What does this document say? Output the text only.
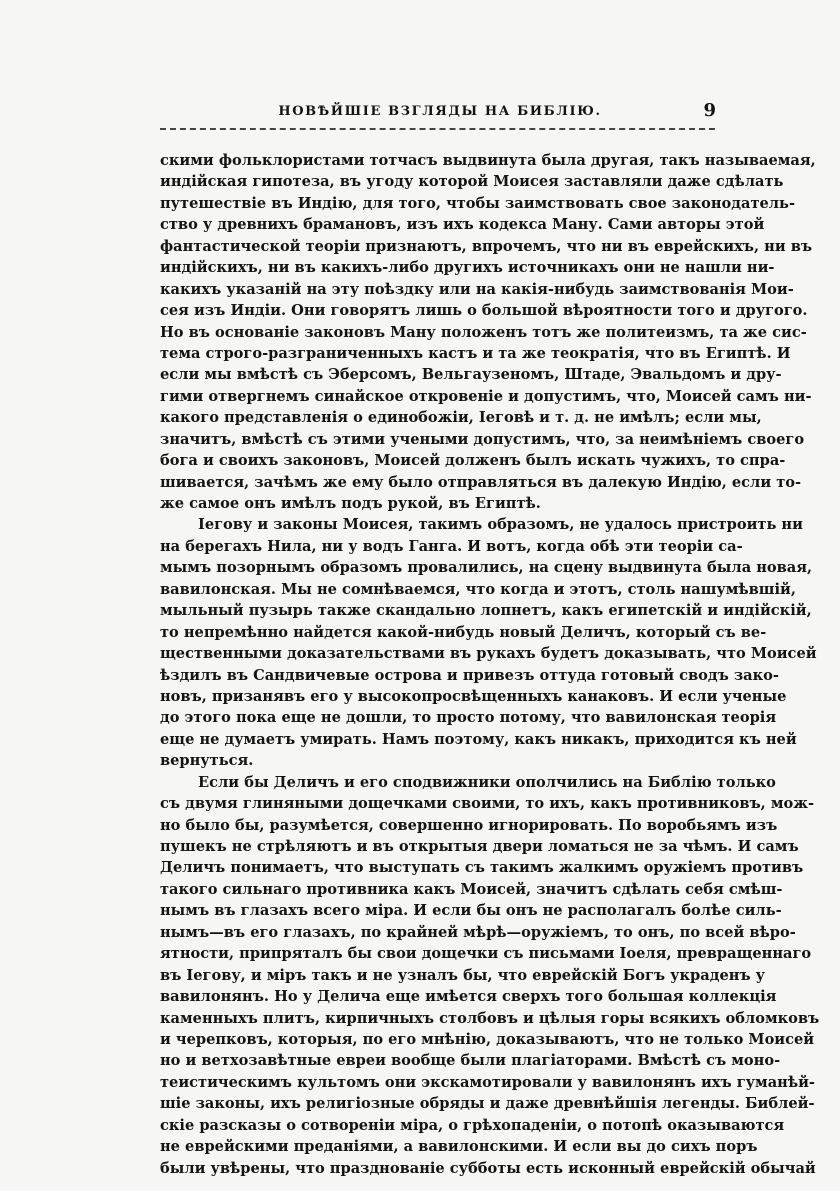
НОВѢЙШІЕ ВЗГЛЯДЫ НА БИБЛІЮ.	9
скими фольклористами тотчасъ выдвинута была другая, такъ называемая,
индійская гипотеза, въ угоду которой Моисея заставляли даже сдѣлать
путешествіе въ Индію, для того, чтобы заимствовать свое законодатель-
ство у древнихъ брамановъ, изъ ихъ кодекса Ману. Сами авторы этой
фантастической теоріи признаютъ, впрочемъ, что ни въ еврейскихъ, ни въ
индійскихъ, ни въ какихъ-либо другихъ источникахъ они не нашли ни-
какихъ указаній на эту поѣздку или на какія-нибудь заимствованія Мои-
сея изъ Индіи. Они говорятъ лишь о большой вѣроятности того и другого.
Но въ основаніе законовъ Ману положенъ тотъ же политеизмъ, та же сис-
тема строго-разграниченныхъ кастъ и та же теократія, что въ Египтѣ. И
если мы вмѣстѣ съ Эберсомъ, Вельгаузеномъ, Штаде, Эвальдомъ и дру-
гими отвергнемъ синайское откровеніе и допустимъ, что, Моисей самъ ни-
какого представленія о единобожіи, Іеговѣ и т. д. не имѣлъ; если мы,
значитъ, вмѣстѣ съ этими учеными допустимъ, что, за неимѣніемъ своего
бога и своихъ законовъ, Моисей долженъ былъ искать чужихъ, то спра-
шивается, зачѣмъ же ему было отправляться въ далекую Индію, если то-
же самое онъ имѣлъ подъ рукой, въ Египтѣ.
Іегову и законы Моисея, такимъ образомъ, не удалось пристроить ни
на берегахъ Нила, ни у водъ Ганга. И вотъ, когда обѣ эти теоріи са-
мымъ позорнымъ образомъ провалились, на сцену выдвинута была новая,
вавилонская. Мы не сомнѣваемся, что когда и этотъ, столь нашумѣвшій,
мыльный пузырь также скандально лопнетъ, какъ египетскій и индійскій,
то непремѣнно найдется какой-нибудь новый Деличъ, который съ ве-
щественными доказательствами въ рукахъ будетъ доказывать, что Моисей
ѣздилъ въ Сандвичевые острова и привезъ оттуда готовый сводъ зако-
новъ, призанявъ его у высокопросвѣщенныхъ канаковъ. И если ученые
до этого пока еще не дошли, то просто потому, что вавилонская теорія
еще не думаетъ умирать. Намъ поэтому, какъ никакъ, приходится къ ней
вернуться.
Если бы Деличъ и его сподвижники ополчились на Библію только
съ двумя глиняными дощечками своими, то ихъ, какъ противниковъ, мож-
но было бы, разумѣется, совершенно игнорировать. По воробьямъ изъ
пушекъ не стрѣляютъ и въ открытыя двери ломаться не за чѣмъ. И самъ
Деличъ понимаетъ, что выступать съ такимъ жалкимъ оружіемъ противъ
такого сильнаго противника какъ Моисей, значитъ сдѣлать себя смѣш-
нымъ въ глазахъ всего міра. И если бы онъ не располагалъ болѣе силь-
нымъ—въ его глазахъ, по крайней мѣрѣ—оружіемъ, то онъ, по всей вѣро-
ятности, припряталъ бы свои дощечки съ письмами Іоеля, превращеннаго
въ Іегову, и міръ такъ и не узналъ бы, что еврейскій Богъ украденъ у
вавилонянъ. Но у Делича еще имѣется сверхъ того большая коллекція
каменныхъ плитъ, кирпичныхъ столбовъ и цѣлыя горы всякихъ обломковъ
и черепковъ, которыя, по его мнѣнію, доказываютъ, что не только Моисей
но и ветхозавѣтные евреи вообще были плагіаторами. Вмѣстѣ съ моно-
теистическимъ культомъ они экскамотировали у вавилонянъ ихъ гуманѣй-
шіе законы, ихъ религіозные обряды и даже древнѣйшія легенды. Библей-
скіе разсказы о сотвореніи міра, о грѣхопаденіи, о потопѣ оказываются
не еврейскими преданіями, а вавилонскими. И если вы до сихъ поръ
были увѣрены, что празднованіе субботы есть исконный еврейскій обычай
